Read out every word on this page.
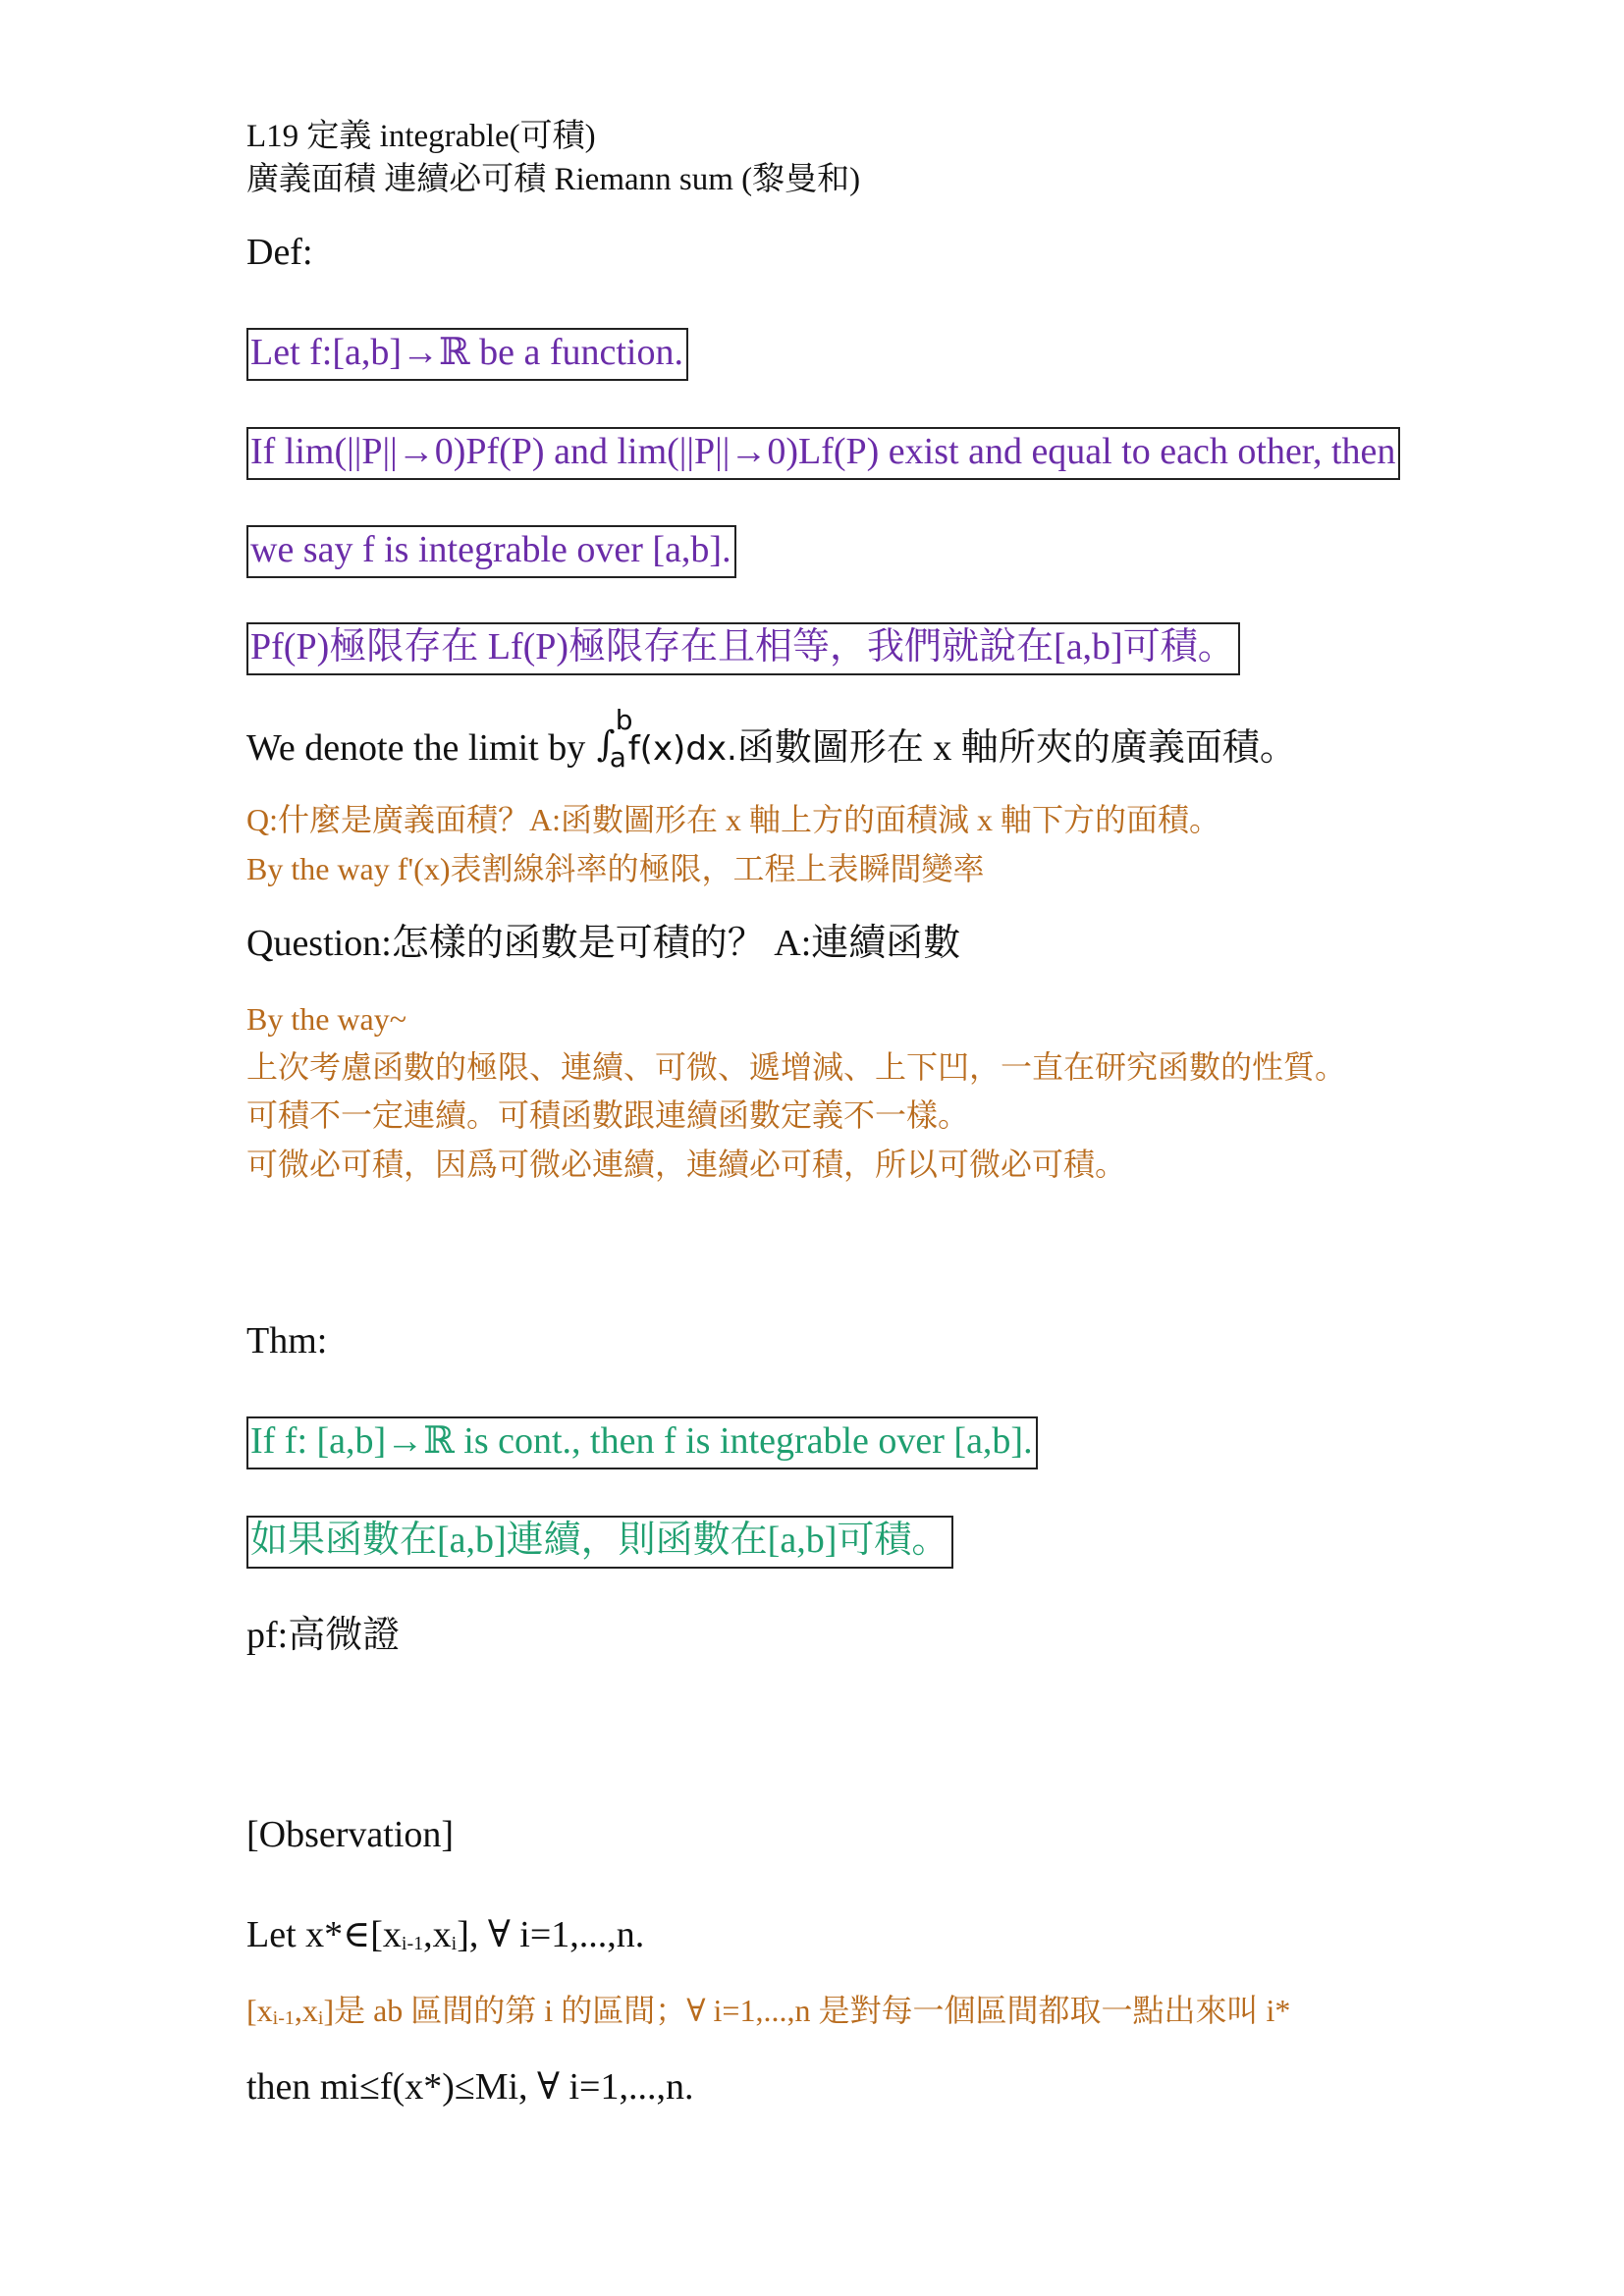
L19 定義 integrable(可積)
廣義面積 連續必可積 Riemann sum (黎曼和)
Def:
Let f:[a,b]→ℝ be a function.
If lim(||P||→0)Pf(P) and lim(||P||→0)Lf(P) exist and equal to each other, then
we say f is integrable over [a,b].
Pf(P)極限存在 Lf(P)極限存在且相等，我們就說在[a,b]可積。
We denote the limit by ∫
b
a f(x)dx.函數圖形在 x 軸所夾的廣義面積。
Q:什麼是廣義面積？A:函數圖形在 x 軸上方的面積減 x 軸下方的面積。
By the way f'(x)表割線斜率的極限，工程上表瞬間變率
Question:怎樣的函數是可積的？ A:連續函數
By the way~
上次考慮函數的極限、連續、可微、遞增減、上下凹，一直在研究函數的性質。
可積不一定連續。可積函數跟連續函數定義不一樣。
可微必可積，因爲可微必連續，連續必可積，所以可微必可積。
Thm:
If f: [a,b]→ℝ is cont., then f is integrable over [a,b].
如果函數在[a,b]連續，則函數在[a,b]可積。
pf:高微證
[Observation]
Let x*∈[xi-1,xi], ∀ i=1,...,n.
[xi-1,xi]是 ab 區間的第 i 的區間；∀ i=1,...,n 是對每一個區間都取一點出來叫 i*
then mi≤f(x*)≤Mi, ∀ i=1,...,n.
